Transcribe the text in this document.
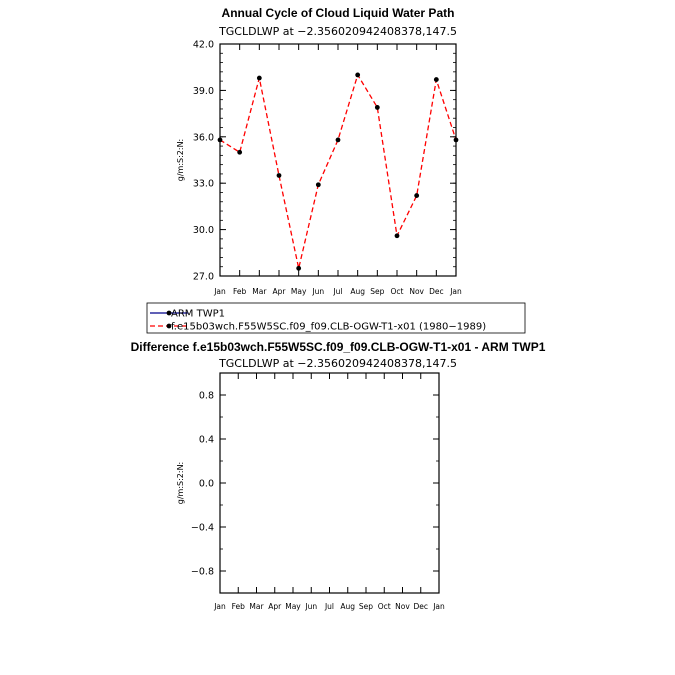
Annual Cycle of Cloud Liquid Water Path
TGCLDLWP at −2.356020942408378,147.5
27.0
30.0
33.0
36.0
39.0
42.0
Jan Feb Mar Apr May Jun Jul Aug Sep Oct Nov Dec Jan
g/m:S:2:N:
ARM TWP1
f.e15b03wch.F55W5SC.f09_f09.CLB-OGW-T1-x01 (1980−1989)
Difference f.e15b03wch.F55W5SC.f09_f09.CLB-OGW-T1-x01 - ARM TWP1
TGCLDLWP at −2.356020942408378,147.5
−0.8
−0.4
0.0
0.4
0.8
Jan Feb Mar Apr May Jun Jul Aug Sep Oct Nov Dec Jan
g/m:S:2:N:
